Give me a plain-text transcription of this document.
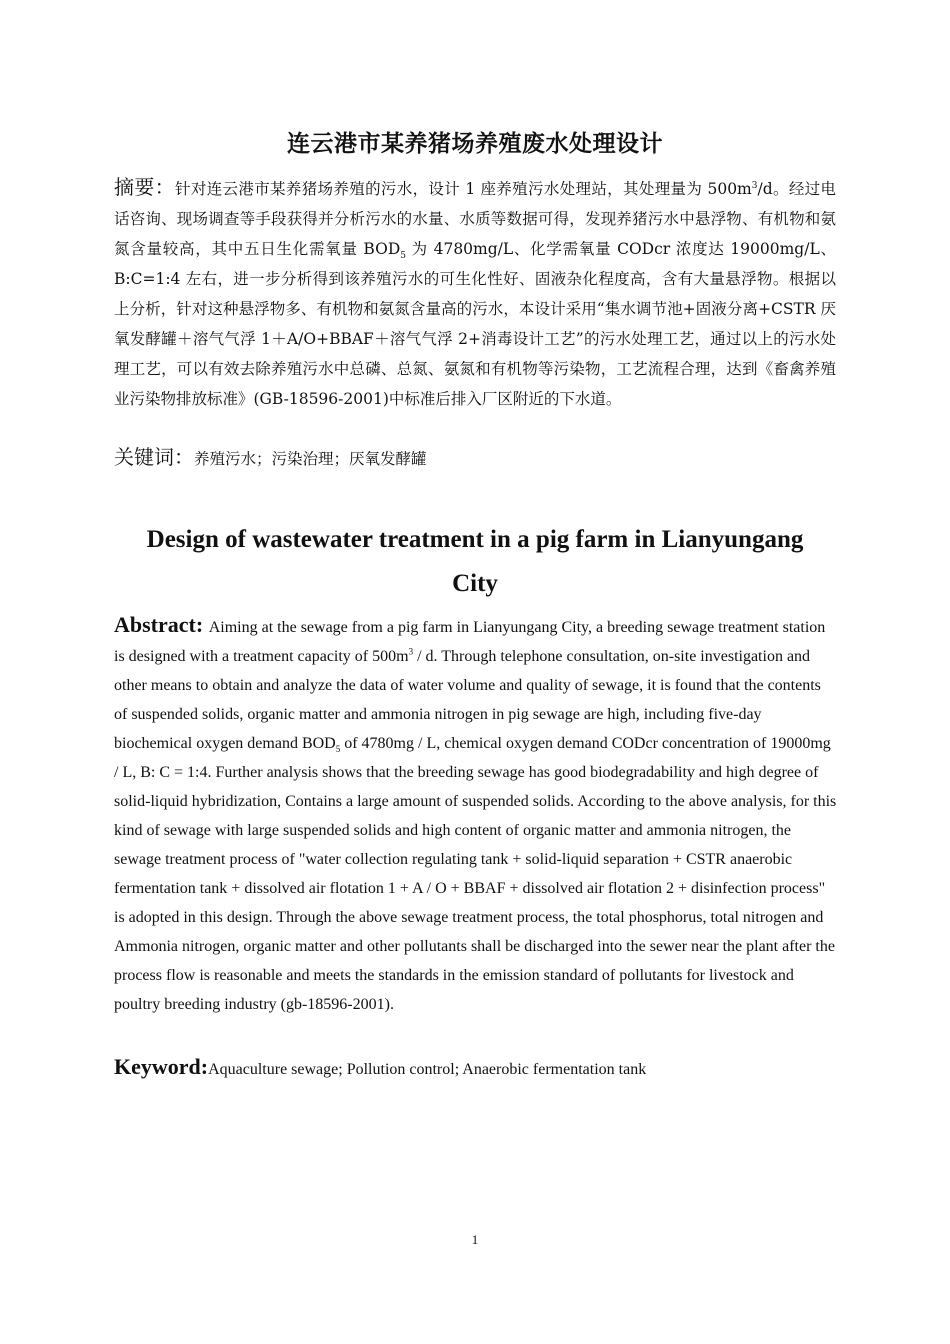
连云港市某养猪场养殖废水处理设计
摘要：针对连云港市某养猪场养殖的污水，设计 1 座养殖污水处理站，其处理量为 $500m^3/d$。经过电话咨询、现场调查等手段获得并分析污水的水量、水质等数据可得，发现养猪污水中悬浮物、有机物和氨氮含量较高，其中五日生化需氧量 $BOD_5$ 为 4780mg/L、化学需氧量 CODcr 浓度达 19000mg/L、B:C=1:4 左右，进一步分析得到该养殖污水的可生化性好、固液杂化程度高，含有大量悬浮物。根据以上分析，针对这种悬浮物多、有机物和氨氮含量高的污水，本设计采用“集水调节池+固液分离+CSTR 厌氧发酵罐＋溶气气浮 1＋A/O+BBAF＋溶气气浮 2+消毒设计工艺”的污水处理工艺，通过以上的污水处理工艺，可以有效去除养殖污水中总磷、总氮、氨氮和有机物等污染物，工艺流程合理，达到《畜禽养殖业污染物排放标准》(GB-18596-2001)中标准后排入厂区附近的下水道。
关键词：养殖污水；污染治理；厌氧发酵罐
Design of wastewater treatment in a pig farm in Lianyungang City
Abstract: Aiming at the sewage from a pig farm in Lianyungang City, a breeding sewage treatment station is designed with a treatment capacity of $500m^3$ / d. Through telephone consultation, on-site investigation and other means to obtain and analyze the data of water volume and quality of sewage, it is found that the contents of suspended solids, organic matter and ammonia nitrogen in pig sewage are high, including five-day biochemical oxygen demand $BOD_5$ of 4780mg / L, chemical oxygen demand CODcr concentration of 19000mg / L, B: C = 1:4. Further analysis shows that the breeding sewage has good biodegradability and high degree of solid-liquid hybridization, Contains a large amount of suspended solids. According to the above analysis, for this kind of sewage with large suspended solids and high content of organic matter and ammonia nitrogen, the sewage treatment process of "water collection regulating tank + solid-liquid separation + CSTR anaerobic fermentation tank + dissolved air flotation 1 + A / O + BBAF + dissolved air flotation 2 + disinfection process" is adopted in this design. Through the above sewage treatment process, the total phosphorus, total nitrogen and Ammonia nitrogen, organic matter and other pollutants shall be discharged into the sewer near the plant after the process flow is reasonable and meets the standards in the emission standard of pollutants for livestock and poultry breeding industry (gb-18596-2001).
Keyword:Aquaculture sewage; Pollution control; Anaerobic fermentation tank
1
